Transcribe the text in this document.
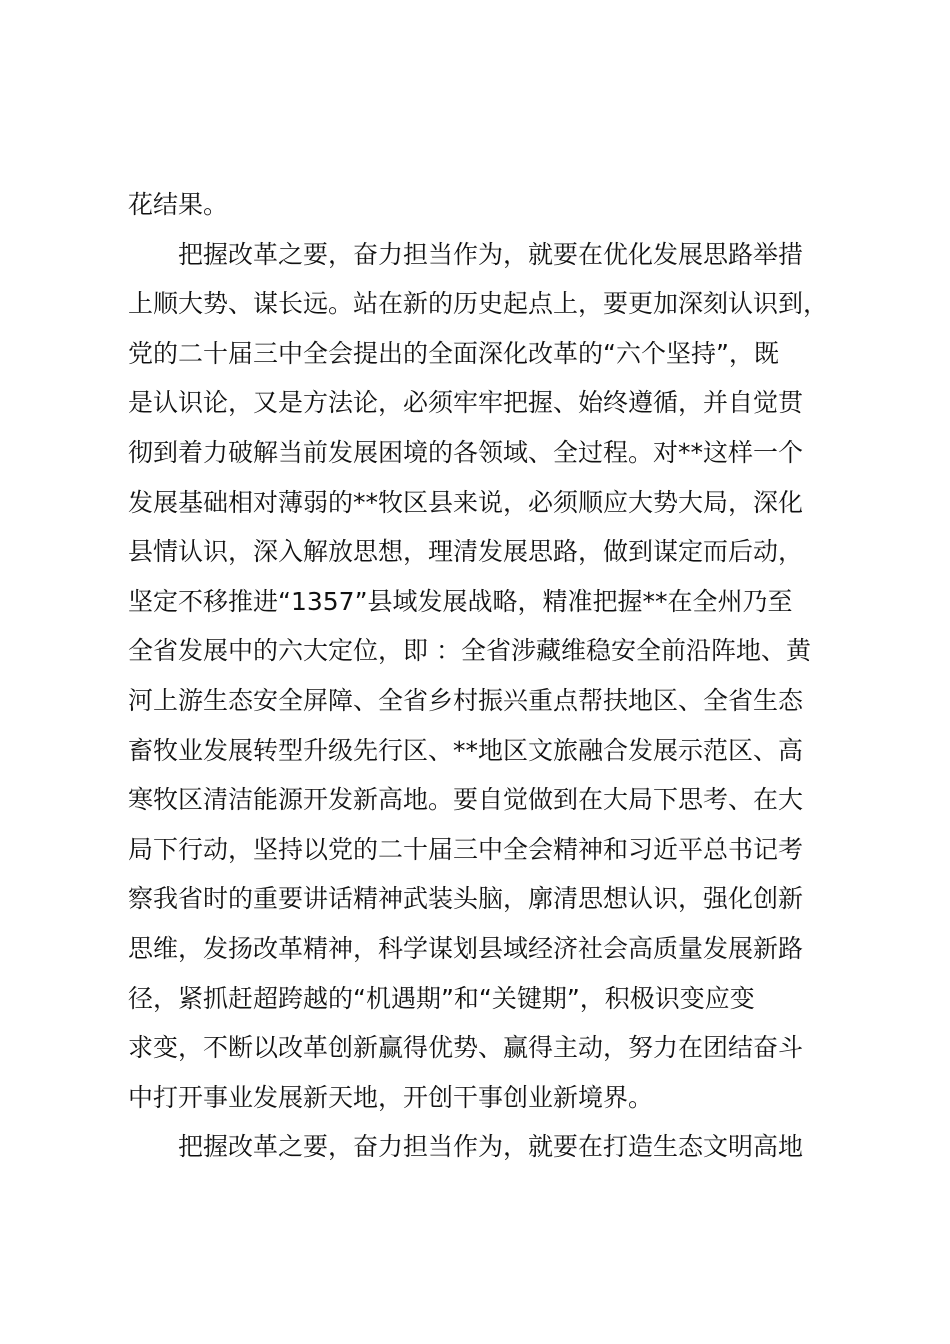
花结果。
把握改革之要，奋力担当作为，就要在优化发展思路举措
上顺大势、谋长远。站在新的历史起点上，要更加深刻认识到，
党的二十届三中全会提出的全面深化改革的“六个坚持”，既
是认识论，又是方法论，必须牢牢把握、始终遵循，并自觉贯
彻到着力破解当前发展困境的各领域、全过程。对**这样一个
发展基础相对薄弱的**牧区县来说，必须顺应大势大局，深化
县情认识，深入解放思想，理清发展思路，做到谋定而后动，
坚定不移推进“1357”县域发展战略，精准把握**在全州乃至
全省发展中的六大定位，即 ：全省涉藏维稳安全前沿阵地、黄
河上游生态安全屏障、全省乡村振兴重点帮扶地区、全省生态
畜牧业发展转型升级先行区、**地区文旅融合发展示范区、高
寒牧区清洁能源开发新高地。要自觉做到在大局下思考、在大
局下行动，坚持以党的二十届三中全会精神和习近平总书记考
察我省时的重要讲话精神武装头脑，廓清思想认识，强化创新
思维，发扬改革精神，科学谋划县域经济社会高质量发展新路
径，紧抓赶超跨越的“机遇期”和“关键期”，积极识变应变
求变，不断以改革创新赢得优势、赢得主动，努力在团结奋斗
中打开事业发展新天地，开创干事创业新境界。
把握改革之要，奋力担当作为，就要在打造生态文明高地
